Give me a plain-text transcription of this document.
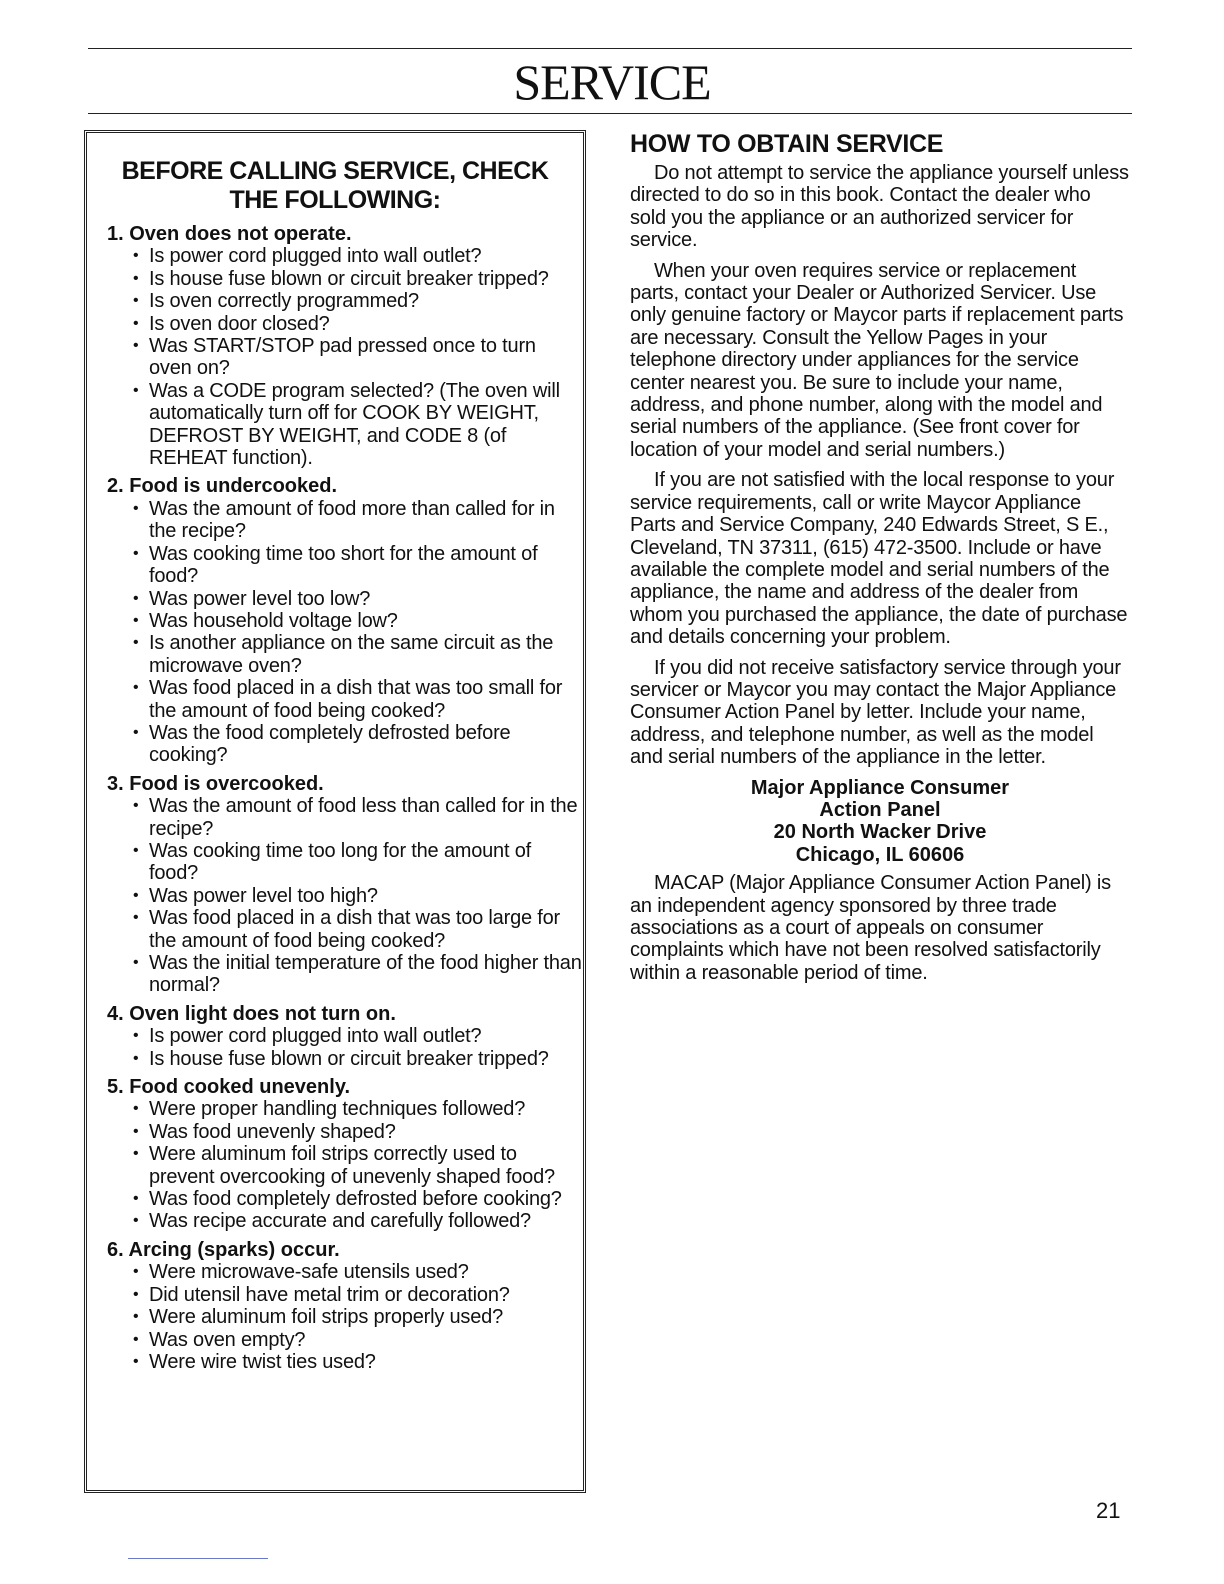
SERVICE
BEFORE CALLING SERVICE, CHECK THE FOLLOWING:
1. Oven does not operate.
• Is power cord plugged into wall outlet?
• Is house fuse blown or circuit breaker tripped?
• Is oven correctly programmed?
• Is oven door closed?
• Was START/STOP pad pressed once to turn oven on?
• Was a CODE program selected? (The oven will automatically turn off for COOK BY WEIGHT, DEFROST BY WEIGHT, and CODE 8 (of REHEAT function).
2. Food is undercooked.
• Was the amount of food more than called for in the recipe?
• Was cooking time too short for the amount of food?
• Was power level too low?
• Was household voltage low?
• Is another appliance on the same circuit as the microwave oven?
• Was food placed in a dish that was too small for the amount of food being cooked?
• Was the food completely defrosted before cooking?
3. Food is overcooked.
• Was the amount of food less than called for in the recipe?
• Was cooking time too long for the amount of food?
• Was power level too high?
• Was food placed in a dish that was too large for the amount of food being cooked?
• Was the initial temperature of the food higher than normal?
4. Oven light does not turn on.
• Is power cord plugged into wall outlet?
• Is house fuse blown or circuit breaker tripped?
5. Food cooked unevenly.
• Were proper handling techniques followed?
• Was food unevenly shaped?
• Were aluminum foil strips correctly used to prevent overcooking of unevenly shaped food?
• Was food completely defrosted before cooking?
• Was recipe accurate and carefully followed?
6. Arcing (sparks) occur.
• Were microwave-safe utensils used?
• Did utensil have metal trim or decoration?
• Were aluminum foil strips properly used?
• Was oven empty?
• Were wire twist ties used?
HOW TO OBTAIN SERVICE

Do not attempt to service the appliance yourself unless directed to do so in this book. Contact the dealer who sold you the appliance or an authorized servicer for service.

When your oven requires service or replacement parts, contact your Dealer or Authorized Servicer. Use only genuine factory or Maycor parts if replacement parts are necessary. Consult the Yellow Pages in your telephone directory under appliances for the service center nearest you. Be sure to include your name, address, and phone number, along with the model and serial numbers of the appliance. (See front cover for location of your model and serial numbers.)

If you are not satisfied with the local response to your service requirements, call or write Maycor Appliance Parts and Service Company, 240 Edwards Street, S E., Cleveland, TN 37311, (615) 472-3500. Include or have available the complete model and serial numbers of the appliance, the name and address of the dealer from whom you purchased the appliance, the date of purchase and details concerning your problem.

If you did not receive satisfactory service through your servicer or Maycor you may contact the Major Appliance Consumer Action Panel by letter. Include your name, address, and telephone number, as well as the model and serial numbers of the appliance in the letter.

Major Appliance Consumer
Action Panel
20 North Wacker Drive
Chicago, IL 60606

MACAP (Major Appliance Consumer Action Panel) is an independent agency sponsored by three trade associations as a court of appeals on consumer complaints which have not been resolved satisfactorily within a reasonable period of time.

21
